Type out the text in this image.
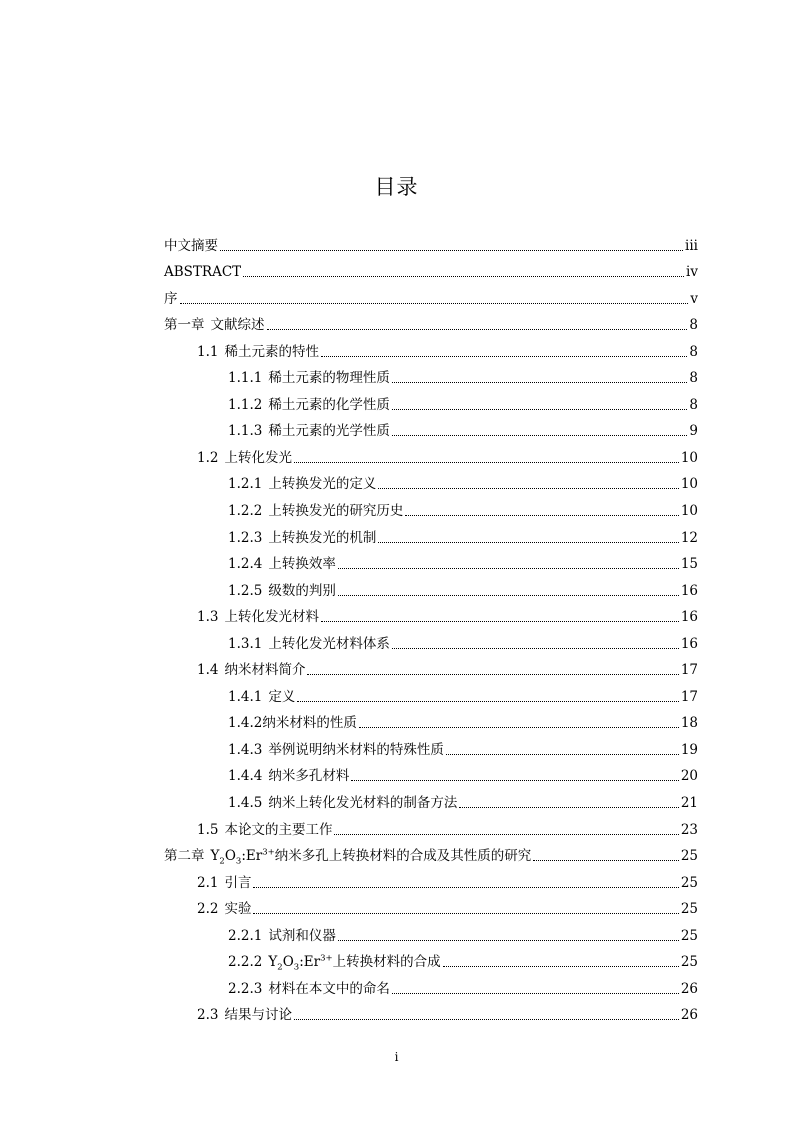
目录
中文摘要	iii
ABSTRACT	iv
序	v
第一章 文献综述	8
1.1 稀土元素的特性	8
1.1.1 稀土元素的物理性质	8
1.1.2 稀土元素的化学性质	8
1.1.3 稀土元素的光学性质	9
1.2 上转化发光	10
1.2.1 上转换发光的定义	10
1.2.2 上转换发光的研究历史	10
1.2.3 上转换发光的机制	12
1.2.4 上转换效率	15
1.2.5 级数的判别	16
1.3 上转化发光材料	16
1.3.1 上转化发光材料体系	16
1.4 纳米材料简介	17
1.4.1 定义	17
1.4.2纳米材料的性质	18
1.4.3 举例说明纳米材料的特殊性质	19
1.4.4 纳米多孔材料	20
1.4.5 纳米上转化发光材料的制备方法	21
1.5 本论文的主要工作	23
第二章 $Y_2O_3:Er^{3+}$纳米多孔上转换材料的合成及其性质的研究	25
2.1 引言	25
2.2 实验	25
2.2.1 试剂和仪器	25
2.2.2 $Y_2O_3:Er^{3+}$上转换材料的合成	25
2.2.3 材料在本文中的命名	26
2.3 结果与讨论	26
i
